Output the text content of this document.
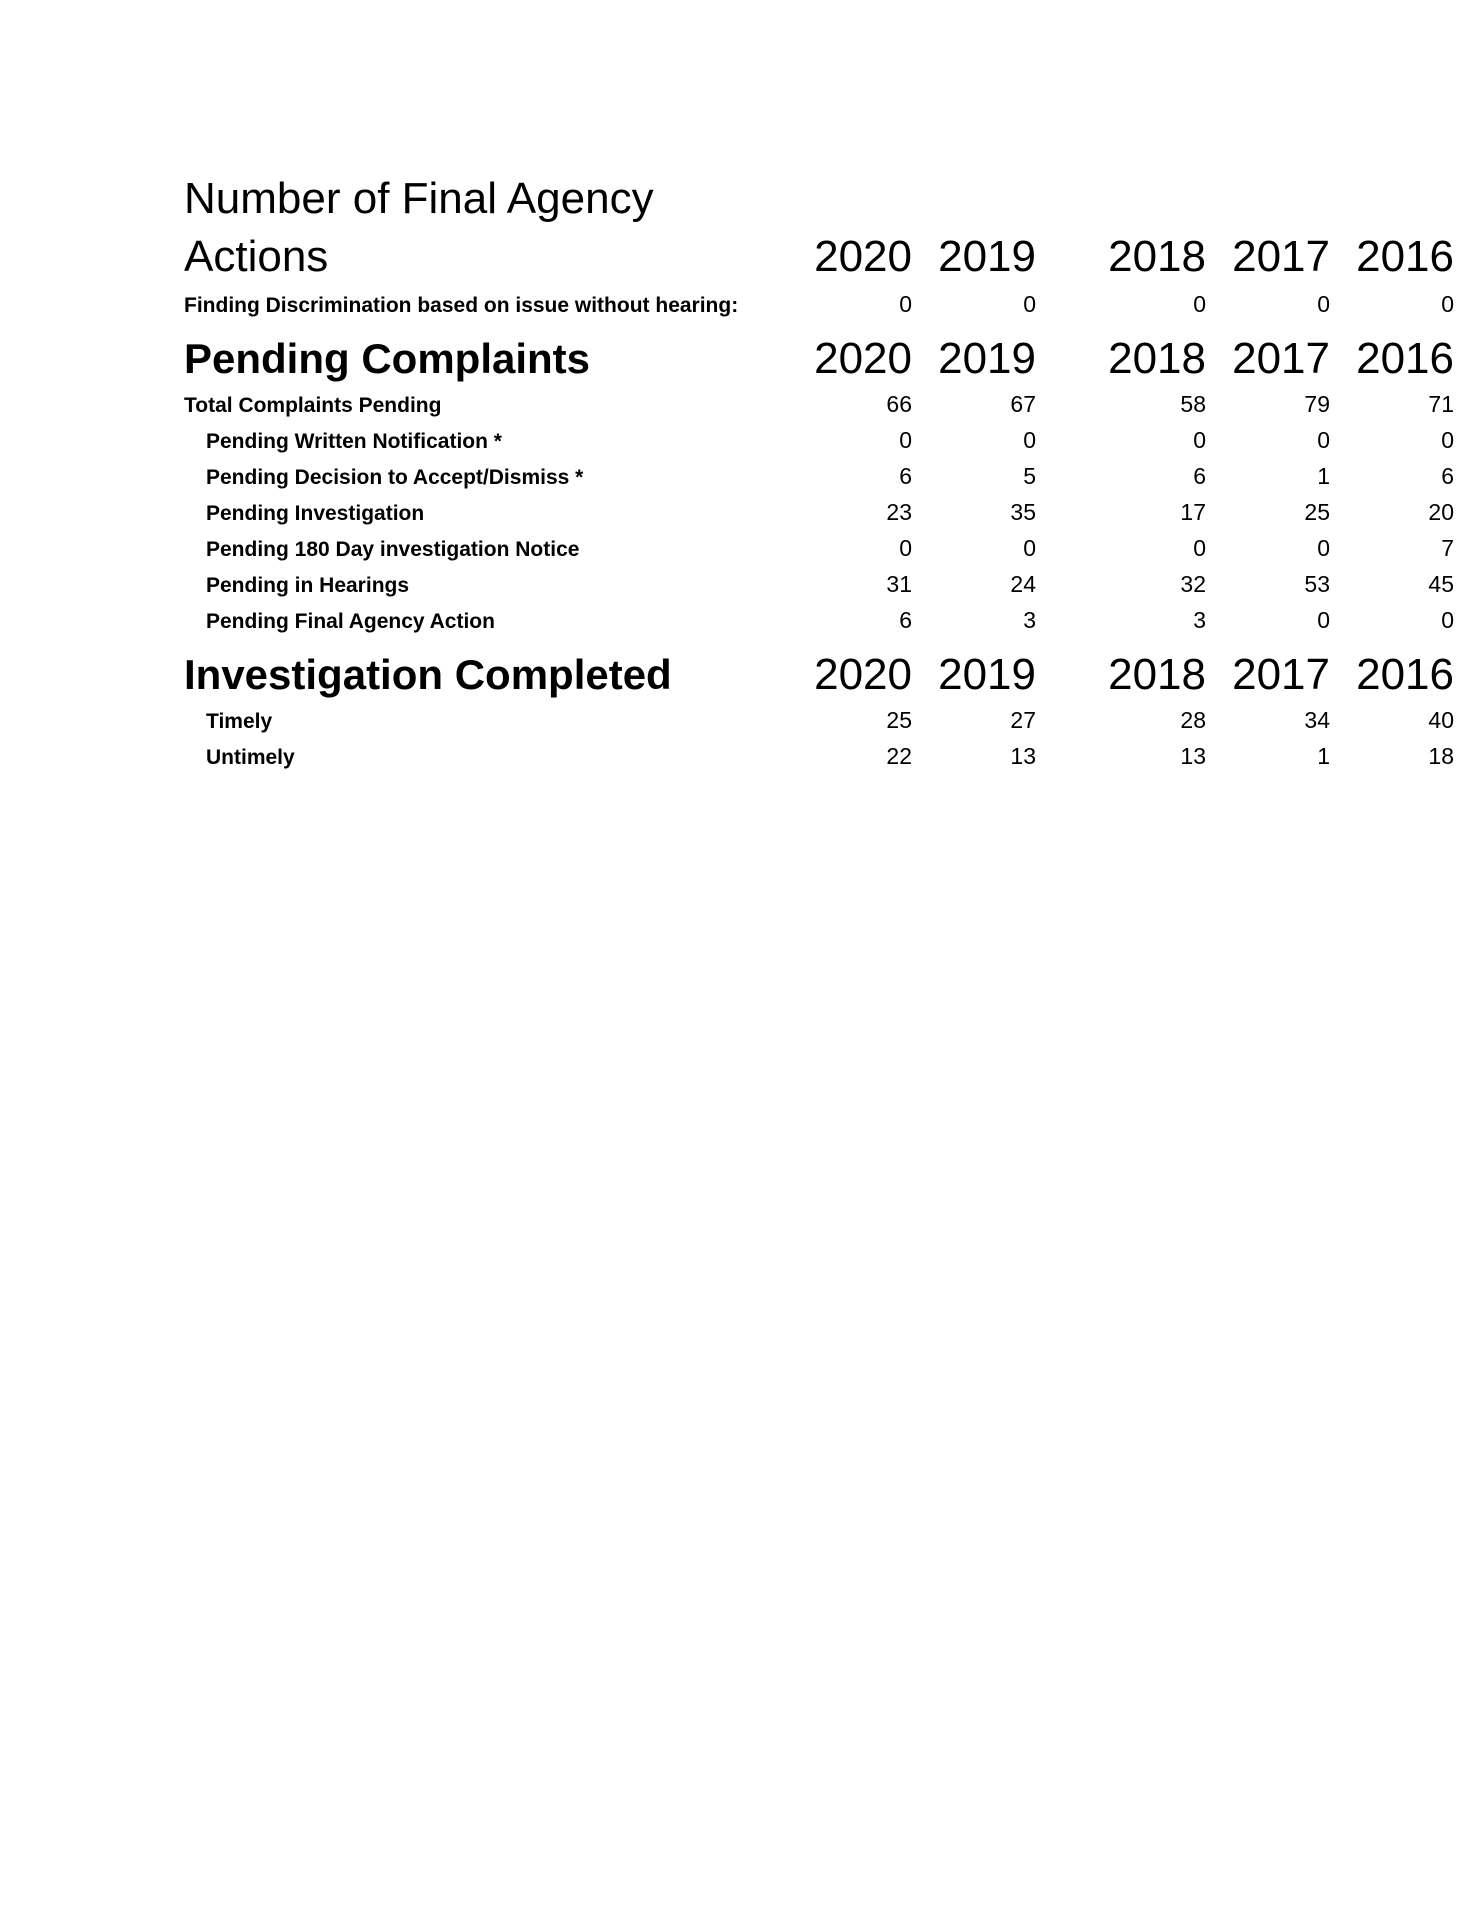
Number of Final Agency
Actions	2020 2019	2018 2017 2016
Finding Discrimination based on issue without hearing:	0	0	0	0	0
Pending Complaints	2020 2019	2018 2017 2016
Total Complaints Pending	66	67	58	79	71
Pending Written Notification *	0	0	0	0	0
Pending Decision to Accept/Dismiss *	6	5	6	1	6
Pending Investigation	23	35	17	25	20
Pending 180 Day investigation Notice	0	0	0	0	7
Pending in Hearings	31	24	32	53	45
Pending Final Agency Action	6	3	3	0	0
Investigation Completed	2020 2019	2018 2017 2016
Timely	25	27	28	34	40
Untimely	22	13	13	1	18
